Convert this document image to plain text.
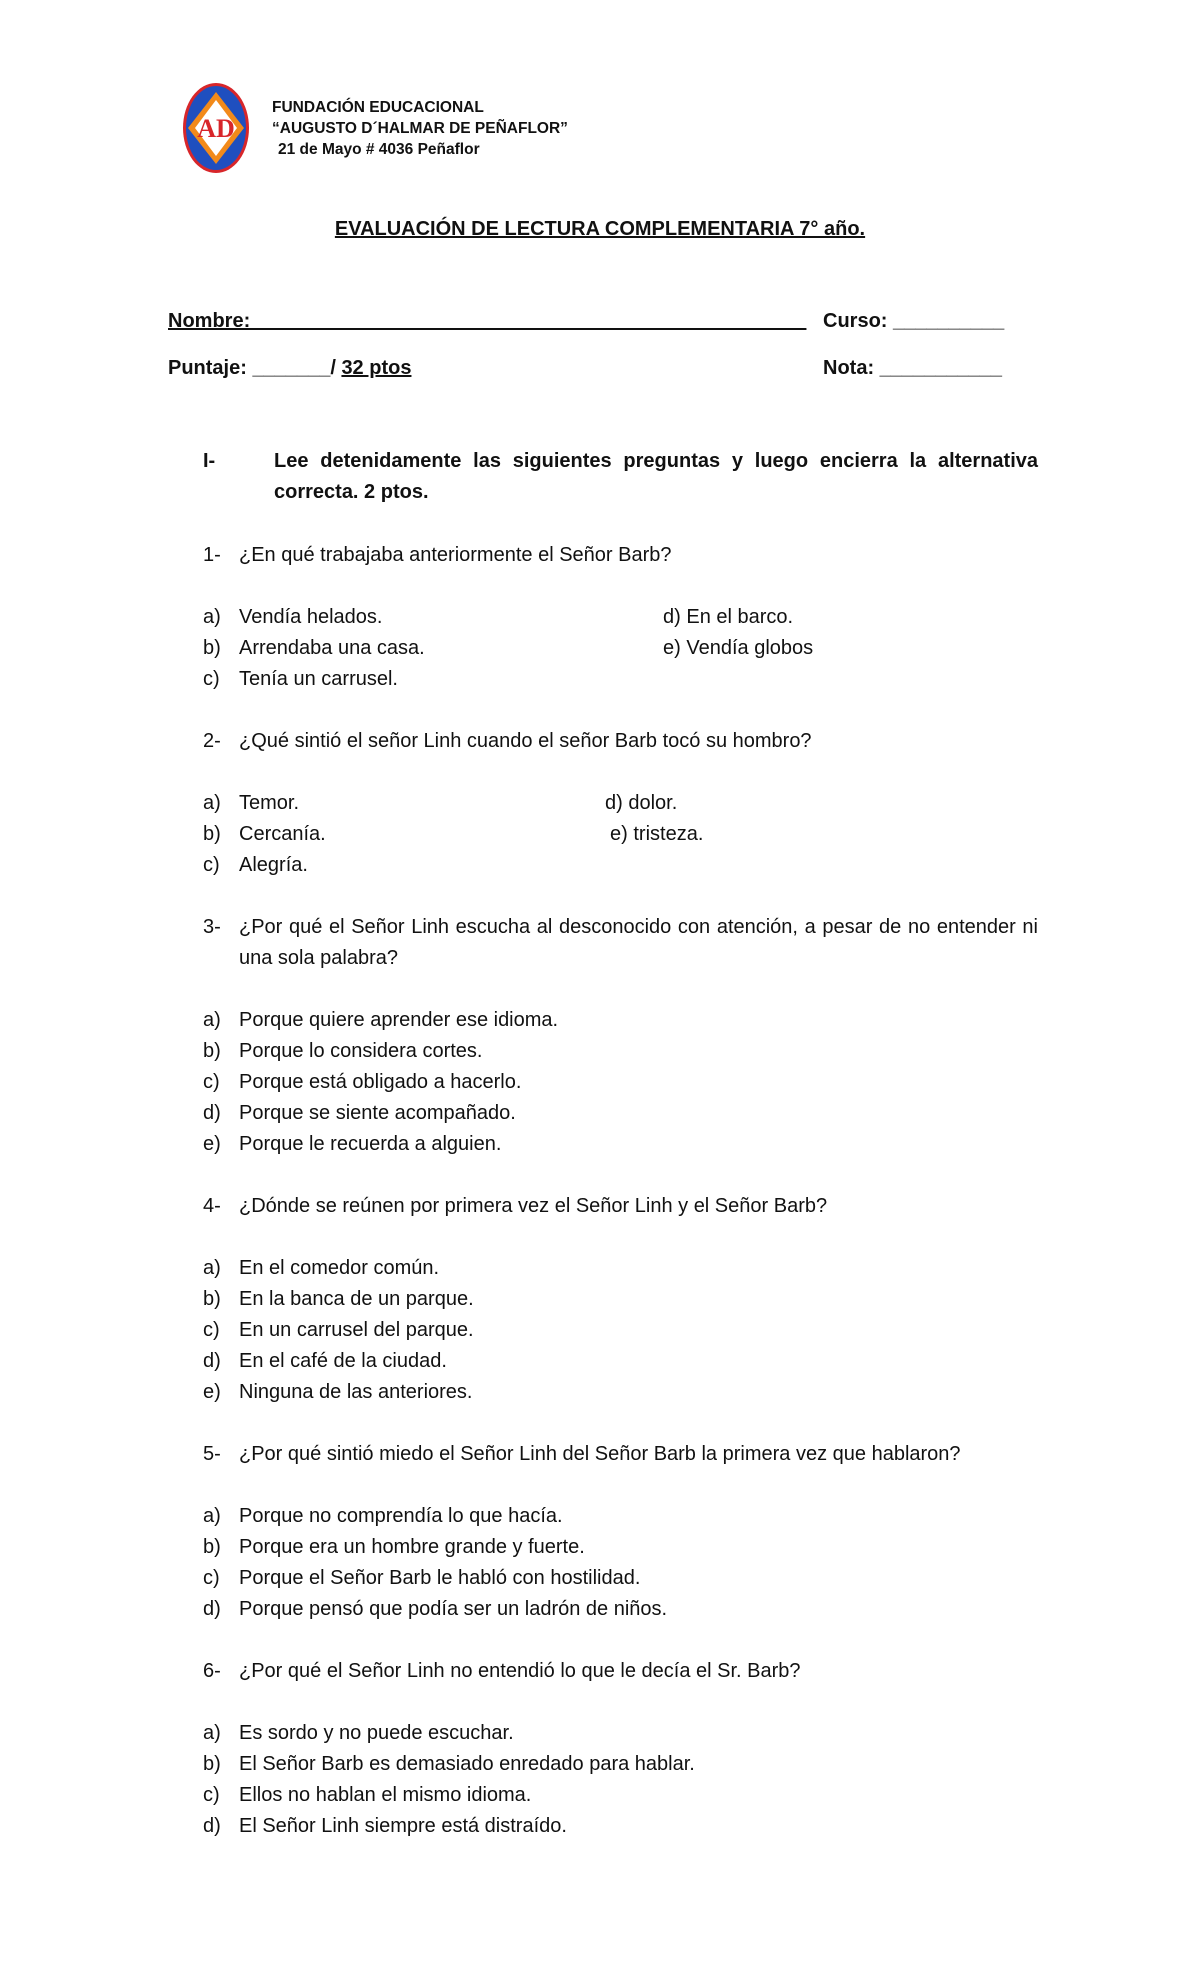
AD
FUNDACIÓN EDUCACIONAL
“AUGUSTO D´HALMAR DE PEÑAFLOR”
21 de Mayo # 4036 Peñaflor
EVALUACIÓN DE LECTURA COMPLEMENTARIA 7° año.
Nombre:__________________________________________________ Curso: __________
Puntaje: _______/ 32 ptos	Nota: ___________
I-	Lee detenidamente las siguientes preguntas y luego encierra la alternativa correcta. 2 ptos.
1- ¿En qué trabajaba anteriormente el Señor Barb?
a) Vendía helados.
b) Arrendaba una casa.
c) Tenía un carrusel.
d) En el barco.
e) Vendía globos
2- ¿Qué sintió el señor Linh cuando el señor Barb tocó su hombro?
a) Temor.
b) Cercanía.
c) Alegría.
d) dolor.
e) tristeza.
3- ¿Por qué el Señor Linh escucha al desconocido con atención, a pesar de no entender ni una sola palabra?
a) Porque quiere aprender ese idioma.
b) Porque lo considera cortes.
c) Porque está obligado a hacerlo.
d) Porque se siente acompañado.
e) Porque le recuerda a alguien.
4- ¿Dónde se reúnen por primera vez el Señor Linh y el Señor Barb?
a) En el comedor común.
b) En la banca de un parque.
c) En un carrusel del parque.
d) En el café de la ciudad.
e) Ninguna de las anteriores.
5- ¿Por qué sintió miedo el Señor Linh del Señor Barb la primera vez que hablaron?
a) Porque no comprendía lo que hacía.
b) Porque era un hombre grande y fuerte.
c) Porque el Señor Barb le habló con hostilidad.
d) Porque pensó que podía ser un ladrón de niños.
6- ¿Por qué el Señor Linh no entendió lo que le decía el Sr. Barb?
a) Es sordo y no puede escuchar.
b) El Señor Barb es demasiado enredado para hablar.
c) Ellos no hablan el mismo idioma.
d) El Señor Linh siempre está distraído.
